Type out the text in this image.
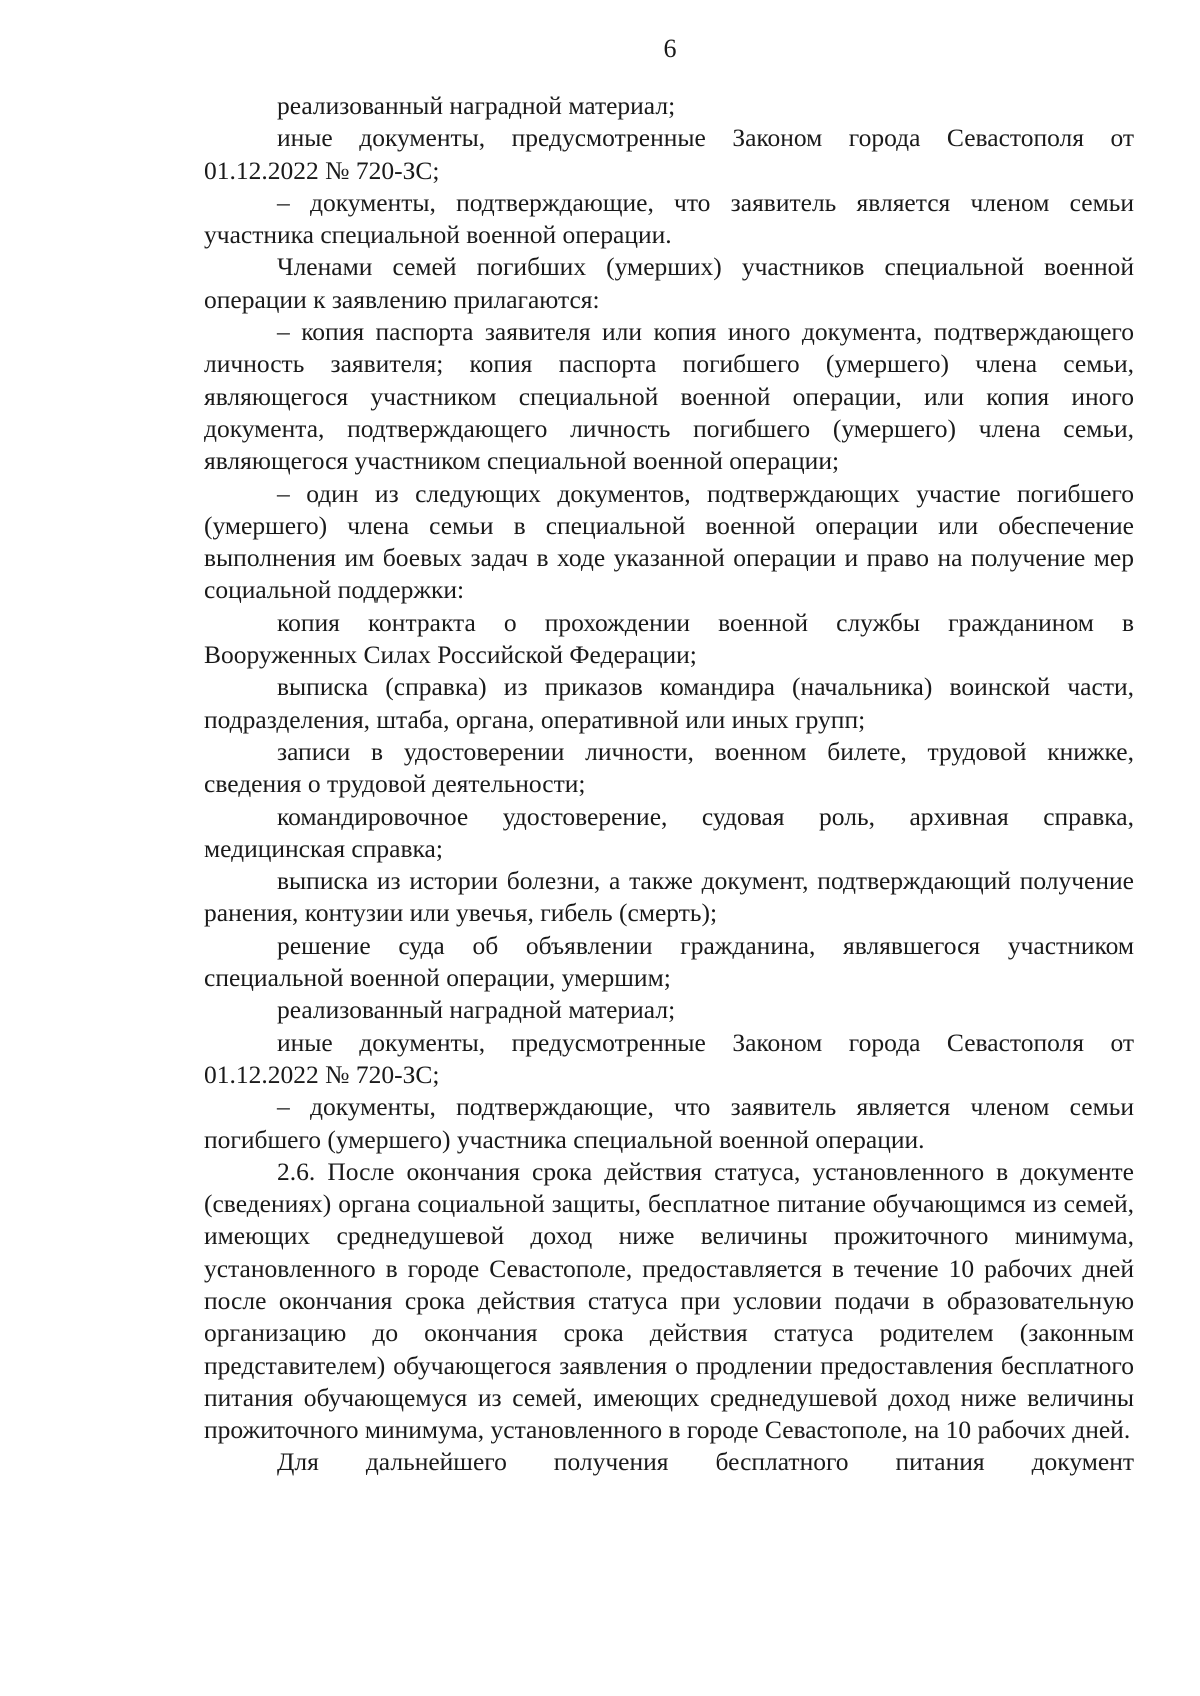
6

реализованный наградной материал;

иные документы, предусмотренные Законом города Севастополя от 01.12.2022 № 720-ЗС;

– документы, подтверждающие, что заявитель является членом семьи участника специальной военной операции.

Членами семей погибших (умерших) участников специальной военной операции к заявлению прилагаются:

– копия паспорта заявителя или копия иного документа, подтверждающего личность заявителя; копия паспорта погибшего (умершего) члена семьи, являющегося участником специальной военной операции, или копия иного документа, подтверждающего личность погибшего (умершего) члена семьи, являющегося участником специальной военной операции;

– один из следующих документов, подтверждающих участие погибшего (умершего) члена семьи в специальной военной операции или обеспечение выполнения им боевых задач в ходе указанной операции и право на получение мер социальной поддержки:

копия контракта о прохождении военной службы гражданином в Вооруженных Силах Российской Федерации;

выписка (справка) из приказов командира (начальника) воинской части, подразделения, штаба, органа, оперативной или иных групп;

записи в удостоверении личности, военном билете, трудовой книжке, сведения о трудовой деятельности;

командировочное удостоверение, судовая роль, архивная справка, медицинская справка;

выписка из истории болезни, а также документ, подтверждающий получение ранения, контузии или увечья, гибель (смерть);

решение суда об объявлении гражданина, являвшегося участником специальной военной операции, умершим;

реализованный наградной материал;

иные документы, предусмотренные Законом города Севастополя от 01.12.2022 № 720-ЗС;

– документы, подтверждающие, что заявитель является членом семьи погибшего (умершего) участника специальной военной операции.

2.6. После окончания срока действия статуса, установленного в документе (сведениях) органа социальной защиты, бесплатное питание обучающимся из семей, имеющих среднедушевой доход ниже величины прожиточного минимума, установленного в городе Севастополе, предоставляется в течение 10 рабочих дней после окончания срока действия статуса при условии подачи в образовательную организацию до окончания срока действия статуса родителем (законным представителем) обучающегося заявления о продлении предоставления бесплатного питания обучающемуся из семей, имеющих среднедушевой доход ниже величины прожиточного минимума, установленного в городе Севастополе, на 10 рабочих дней.

Для дальнейшего получения бесплатного питания документ
